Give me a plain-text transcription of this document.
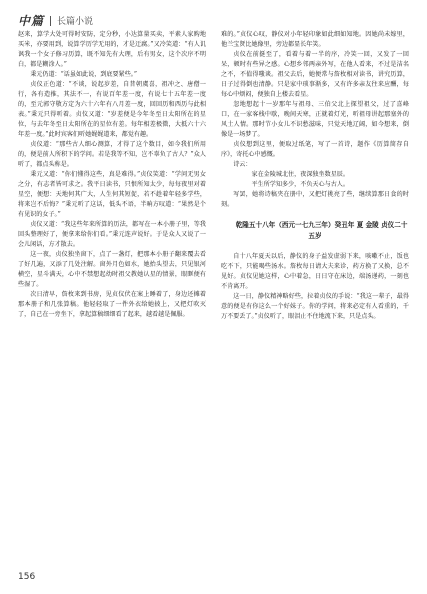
中篇 长篇小说

赵来，算学大处可得时安防，定分秒，小达算量买卖，平素人家购地买米，亦要用到，说算学历学无用的，才是迂腐。”又冷笑道：“有人讥讽我一个女子修习历算，既不知先有大理，后有男女，这个次序不明白，都是糊涂人。”

秉元仍道：“话虽如此说，到底要紧些。”

贞仪正色道：“不谈，说起岁差，自昔朝虞喜，祖冲之、唐僧一行，各有造推，其法不一，有说百年差一度，有说七十五年差一度的，至元郭守敬方定为六十六年有八月差一度，回回历和西历与此相表。”秉元只得听着。贞仪又道：“岁差便是今年冬至日太阳所在的星位，与去年冬至日太阳所在的星位有差。每年相差极微，大抵六十六年差一度。”此时宾客们听她娓娓道来，都觉有趣。

贞仪道：“那些古人细心测算，才得了这个数目，如今我们所用的，便是前人所积下的学问。若是我等不知，岂不辜负了古人？”众人听了，都点头称是。

秉元又道：“你们懂得这些，真是难得。”贞仪笑道：“学问无男女之分，有志者皆可求之。我平日读书，只恨所知太少，每每夜里对着星空，便想：天地何其广大，人生何其短促，若不趁着年轻多学些，将来岂不后悔？”秉元听了这话，低头不语，半晌方叹道：“果然是个有见识的女子。”

贞仪又道：“我这些年来所算的历法，都写在一本小册子里，等我回头整理好了，便拿来给你们看。”秉元连声说好。于是众人又说了一会儿闲话，方才散去。

这一夜，贞仪独坐窗下，点了一盏灯，把那本小册子翻来覆去看了好几遍，又添了几处注解。窗外月色如水，她抬头望去，只见银河横空，星斗满天，心中不禁想起幼时祖父教她认星的情景，眼眶便有些湿了。

次日清早，詹枚来到书房，见贞仪伏在案上睡着了，身边还摊着那本册子和几张算稿。他轻轻取了一件外衣给她披上，又把灯吹灭了，自己在一旁坐下，拿起算稿细细看了起来，越看越是佩服。

难的。”贞仪心叹，静仪对小年轻印象如此细如知地。因她尚未嫁里，他兰宝贤比她像里，旁边都显长年笑。

贞仪在前挺至了，看着与着一半的序，冷笑一回，又发了一回呆，顿时有些异之感。心想乡邻两亲外写，在他人看来，不过是洁名之不，不值得嗤谈。祖父去后，她便常与詹枚相对读书，讲究历算，日子过得倒也清静。只是家中琐事渐多，又有许多亲友往来应酬，每每心中烦闷，便独自上楼去看星。

忽地想起十一岁那年与祖母、三伯父北上探望祖父，过了喜峰口，在一家客栈中歇，晚间天寒，正就着灯光，听祖母讲起那塞外的风土人情。那时节小女儿不识愁滋味，只觉天地辽阔，如今想来，倒像是一场梦了。

贞仪想到这里，便取过纸笔，写了一首诗，题作《历算简存自序》，寄托心中感慨。

诗云：

家在金陵城北住，夜深独坐数星辰。

平生所学知多少，不负天心与古人。

写罢，她将诗稿夹在册中，又把灯挑亮了些，继续算那日食的时刻。

乾隆五十八年（西元一七九三年）癸丑年 夏 金陵 贞仪二十五岁

自十八年夏天以后，静仪的身子益发虚弱下来，咳嗽不止，饭也吃不下，只能喝些汤水。詹枚每日请大夫来诊，药方换了又换，总不见好。贞仪见她这样，心中着急，日日守在床边，端汤递药，一刻也不肯离开。

这一日，静仪精神略好些，拉着贞仪的手说：“我这一辈子，最得意的便是有你这么一个好妹子。你的学问，将来必定有人看重的，千万不要丢了。”贞仪听了，眼泪止不住地流下来，只是点头。

156
